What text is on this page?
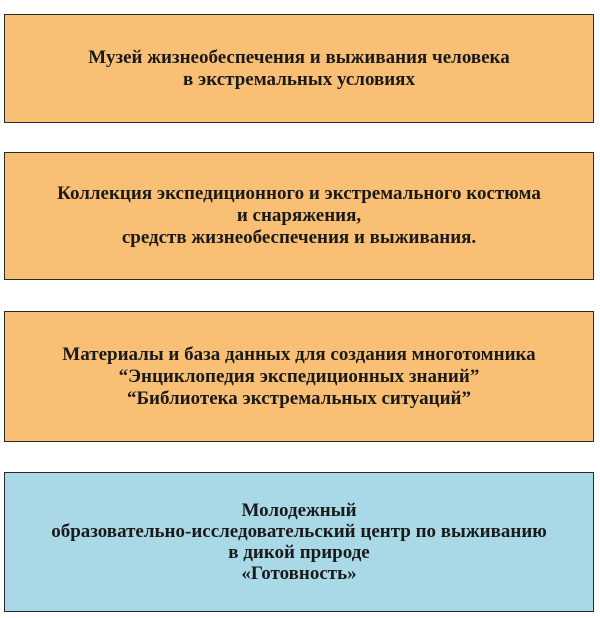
Музей жизнеобеспечения и выживания человека
в экстремальных условиях
Коллекция экспедиционного и экстремального костюма
и снаряжения,
средств жизнеобеспечения и выживания.
Материалы и база данных для создания многотомника
“Энциклопедия экспедиционных знаний”
“Библиотека экстремальных ситуаций”
Молодежный
образовательно-исследовательский центр по выживанию
в дикой природе
«Готовность»
